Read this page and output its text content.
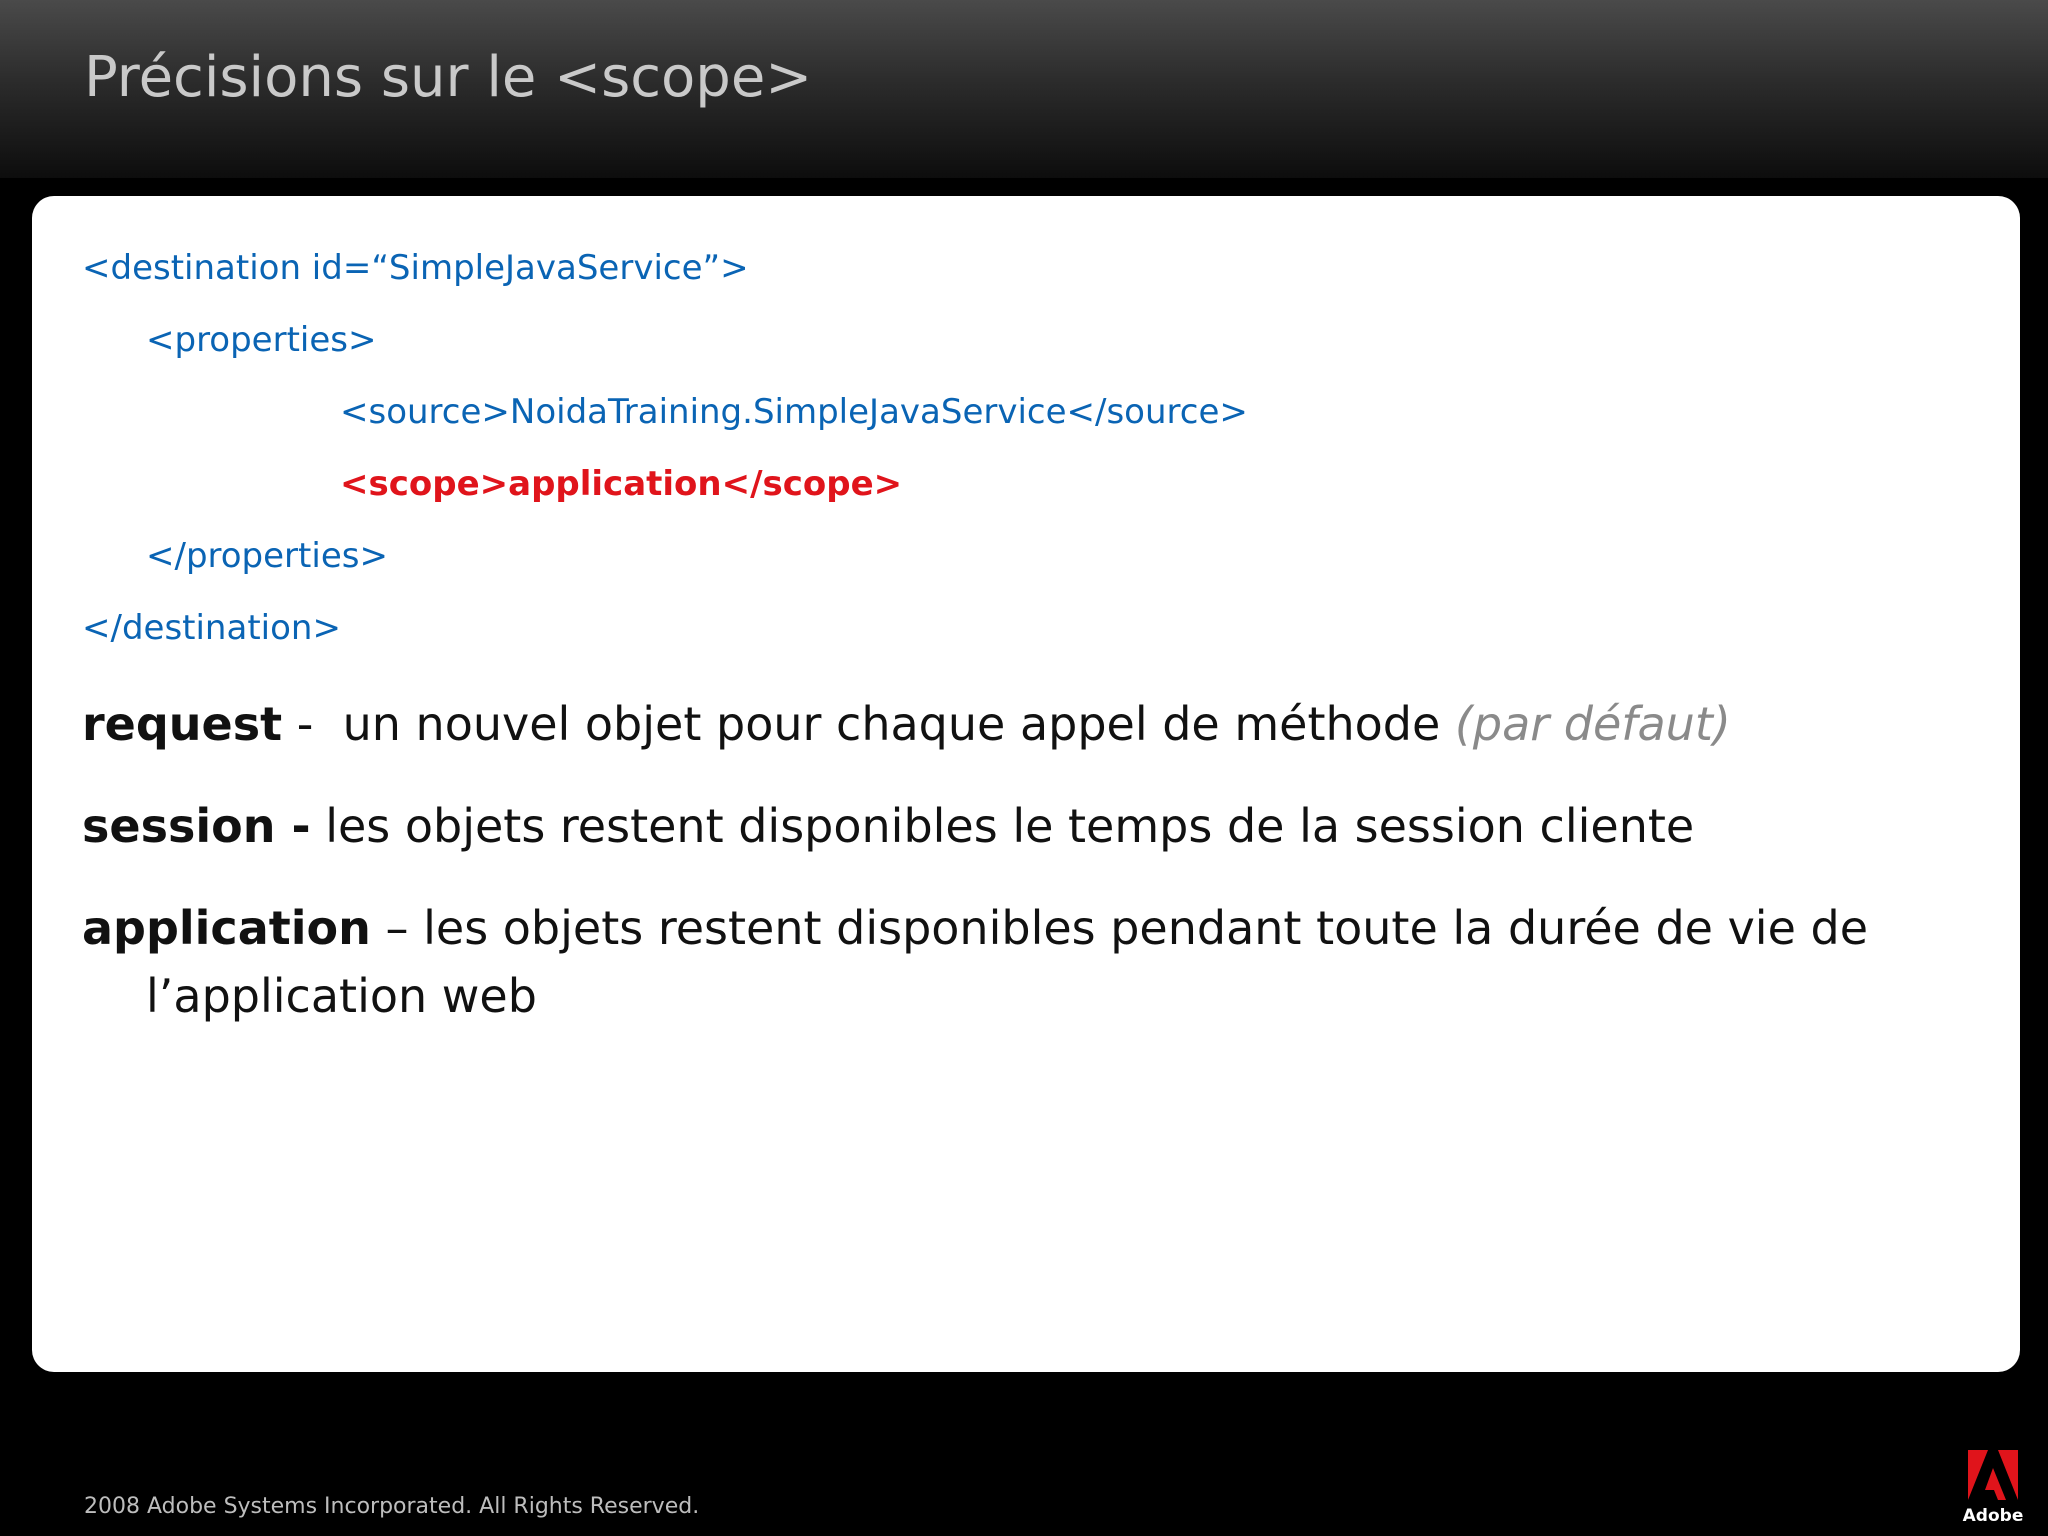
Précisions sur le <scope>
<destination id=“SimpleJavaService”>
<properties>
<source>NoidaTraining.SimpleJavaService</source>
<scope>application</scope>
</properties>
</destination>
request -  un nouvel objet pour chaque appel de méthode (par défaut)
session - les objets restent disponibles le temps de la session cliente
application – les objets restent disponibles pendant toute la durée de vie de l’application web
2008 Adobe Systems Incorporated. All Rights Reserved.	Adobe
